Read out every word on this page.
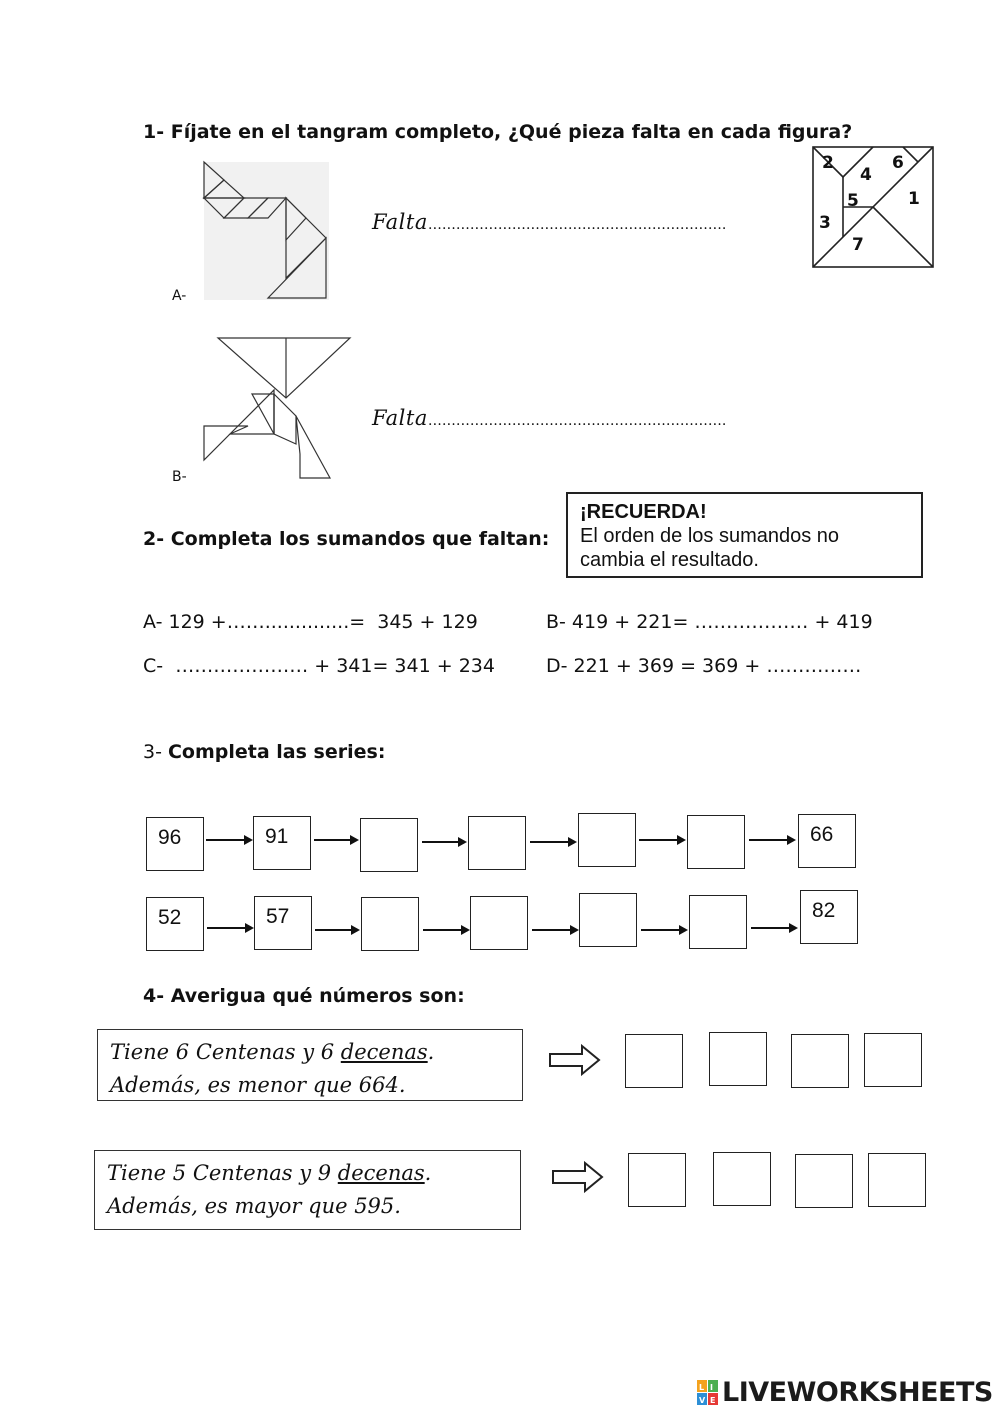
1- Fíjate en el tangram completo, ¿Qué pieza falta en cada figura?
A-
Falta……………………………………………………….
2
4
6
5	1
3
7
B-
Falta……………………………………………………….
2- Completa los sumandos que faltan:
¡RECUERDA!
El orden de los sumandos no
cambia el resultado.
A- 129 +……..............=  345 + 129	B- 419 + 221= ……………… + 419
C-  ………………… + 341= 341 + 234	D- 221 + 369 = 369 + ……………
3- Completa las series:
96	91	66
52	57	82
4- Averigua qué números son:
Tiene 6 Centenas y 6 decenas.
Además, es menor que 664.
Tiene 5 Centenas y 9 decenas.
Además, es mayor que 595.
L I
V E LIVEWORKSHEETS
